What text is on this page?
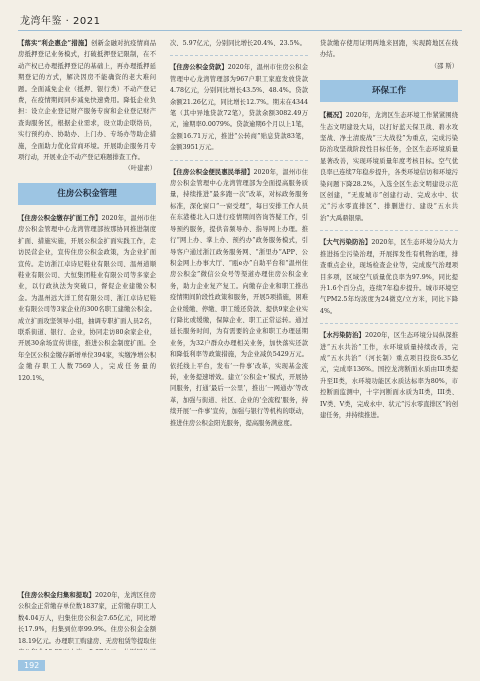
龙湾年鉴 · 2021

【落实“利企惠企”措施】创新金融对抗疫情商品房抵押登记业务模式，打破抵押登记限制，在不动产权已办理抵押登记的基础上，再办理抵押延期登记的方式，解决因房不能确资的老大难问题。全面减免企业（抵押、银行类）不动产登记费，在疫情期间同步减免快速费用。降低企业负担：设立企业登记财产服务专窗和企业登记财产查询服务区，根据企业需求，设立助企联络员，实行预约办、协助办、上门办、专场办等助企措施，全面助力优化营商环境。开展助企服务月专项行动，开展业企不动产登记难题排查工作。

（叶建素）

住房公积金管理

【住房公积金缴存扩面工作】2020年，温州市住房公积金管理中心龙湾管理部按那协同推进制度扩面、措施实施，开展公积金扩面实践工作，走访民营企业，宣传住房公积金政策，为企业扩面宣传。走访浙江卓诗尼鞋业有限公司、温州道顺鞋业有限公司、大恒集团鞋业有限公司等多家企业，以行政执法为突破口，督促企业建缴公积金。为温州远大洋工贸有限公司、浙江卓诗尼鞋业有限公司等3家企业的300名职工建缴公积金。成立扩面攻坚领导小组，抽调专职扩面人员2名，联系街道、银行、企业，协同走访80余家企业，开展30余场宣传讲座，推进公积金制度扩面。全年全区公积金缴存新增单位394家，实缴净增公积金缴存职工人数7569人，完成任务量的120.1%。

【住房公积金归集和提取】2020年，龙湾区住房公积金正常缴存单位数1837家，正常缴存职工人数4.04万人，归集住房公积金7.65亿元，同比增长17.9%，归集到位率99.9%。住房公积金金额18.19亿元。办理职工购建房、无房租赁等提取住

次、5.97亿元，分别同比增长20.4%、23.5%。

【住房公积金贷款】2020年，温州市住房公积金管理中心龙湾管理部为967户职工家庭发放贷款4.78亿元，分别同比增长43.5%、48.4%。贷款余额21.26亿元，同比增长12.7%。期末在4344笔（其中异地贷款72笔），贷款余额3082.49万元，逾期率0.0079%。贷款逾期6个月以上1笔，金额16.71万元，推进“公转商”贴息贷款83笔，金额3951万元。

【住房公积金便民惠民举措】2020年，温州市住房公积金管理中心龙湾管理部为全面提高服务质量，持续推进“最多跑一次”改革，对标政务服务标准，深化窗口“一窗受理”，每日安排工作人员在东港楼北入口进行疫情期间咨询答疑工作，引导预约服务，提供音频导办、指导网上办理。推行“网上办、掌上办、预约办”政务服务模式，引导客户通过浙江政务服务网、“浙里办”APP、公积金网上办事大厅、“瓯e办”自助平台和“温州住房公积金”微信公众号等渠道办理住房公积金业务，助力企业复产复工。向缴存企业和职工推出疫情期间阶段性政策和服务，开展5项措施，困难企业缓缴、停缴、职工缓还贷款、提供9家企业实行降比或缓缴，保障企业、职工正常运转。通过延长服务时间，为有需要的企业和职工办理延期业务，为32户群众办理相关业务，加快落实还款和降低利率等政策措施，为企业减负5429万元。依托线上平台，发布‘一件事’改革，实现基金流转，业务提速增效。建立‘公积金+’模式，开展协同服务，打通‘最后一公里’，推出‘一网通办’等改革，加强与街道、社区、企业的‘全流程’服务，持续开展‘一件事’宣传，加强与银行等机构的联动，推进住房公积金阳光服务，提高服务满意度。

贷款缴存使用证明两地来回跑，实现跨地区在线办结。

（邵 斯）

环保工作

【概况】2020年，龙湾区生态环境工作紧紧围绕生态文明建设大局，以打好蓝天保卫战、碧水攻坚战、净土清废战“三大战役”为重点，完成污染防治攻坚战阶段性目标任务，全区生态环境质量显著改善，实现环境质量年度考核目标。空气优良率已连续7年稳步提升，各类环境信访和环境污染问题下降28.2%，入选全区生态文明建设示范区创建，“无废城市”创建行动、完成水中、状元“污水零直排区”、排删进行、建设“五水共治”大禹鼎银鼎。

【大气污染防治】2020年，区生态环境分局大力推进扬尘污染治理，开展挥发性有机物治理，排查重点企业，现场检查企业等，完成废气治理项目多项，区域空气质量优良率为97.9%，同比提升1.6个百分点，连续7年稳步提升。城市环境空气PM2.5年均浓度为24微克/立方米，同比下降4%。

【水污染防治】2020年，区生态环境分局纵深推进“五水共治”工作，水环境质量持续改善，完成“五水共治”（河长制）重点项目投资6.35亿元，完成率136%。国控龙湾断面水质由III类提升至II类，水环境功能区水质达标率为80%，市控断面监测中，十字河断面水质为II类，III类、IV类、V类，完成永中、状元“污水零直排区”的创建任务，并持续推进。

192
